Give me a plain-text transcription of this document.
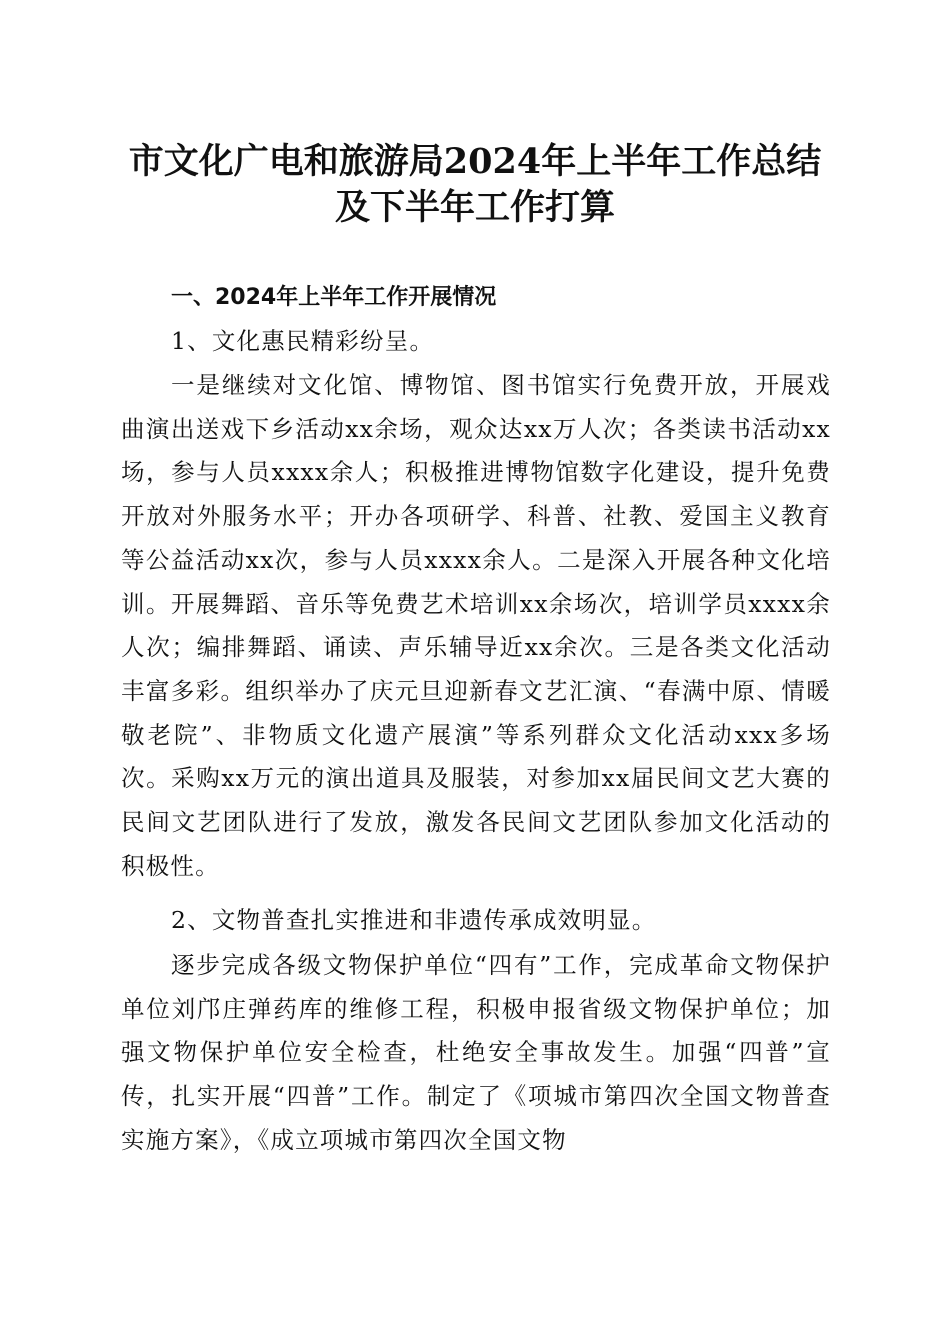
市文化广电和旅游局2024年上半年工作总结
及下半年工作打算
一、2024年上半年工作开展情况

1、文化惠民精彩纷呈。

一是继续对文化馆、博物馆、图书馆实行免费开放，开展戏曲演出送戏下乡活动xx余场，观众达xx万人次；各类读书活动xx场，参与人员xxxx余人；积极推进博物馆数字化建设，提升免费开放对外服务水平；开办各项研学、科普、社教、爱国主义教育等公益活动xx次，参与人员xxxx余人。二是深入开展各种文化培训。开展舞蹈、音乐等免费艺术培训xx余场次，培训学员xxxx余人次；编排舞蹈、诵读、声乐辅导近xx余次。三是各类文化活动丰富多彩。组织举办了庆元旦迎新春文艺汇演、“春满中原、情暖敬老院”、非物质文化遗产展演”等系列群众文化活动xxx多场次。采购xx万元的演出道具及服装，对参加xx届民间文艺大赛的民间文艺团队进行了发放，激发各民间文艺团队参加文化活动的积极性。

2、文物普查扎实推进和非遗传承成效明显。

逐步完成各级文物保护单位“四有”工作，完成革命文物保护单位刘邝庄弹药库的维修工程，积极申报省级文物保护单位；加强文物保护单位安全检查，杜绝安全事故发生。加强“四普”宣传，扎实开展“四普”工作。制定了《项城市第四次全国文物普查实施方案》，《成立项城市第四次全国文物
